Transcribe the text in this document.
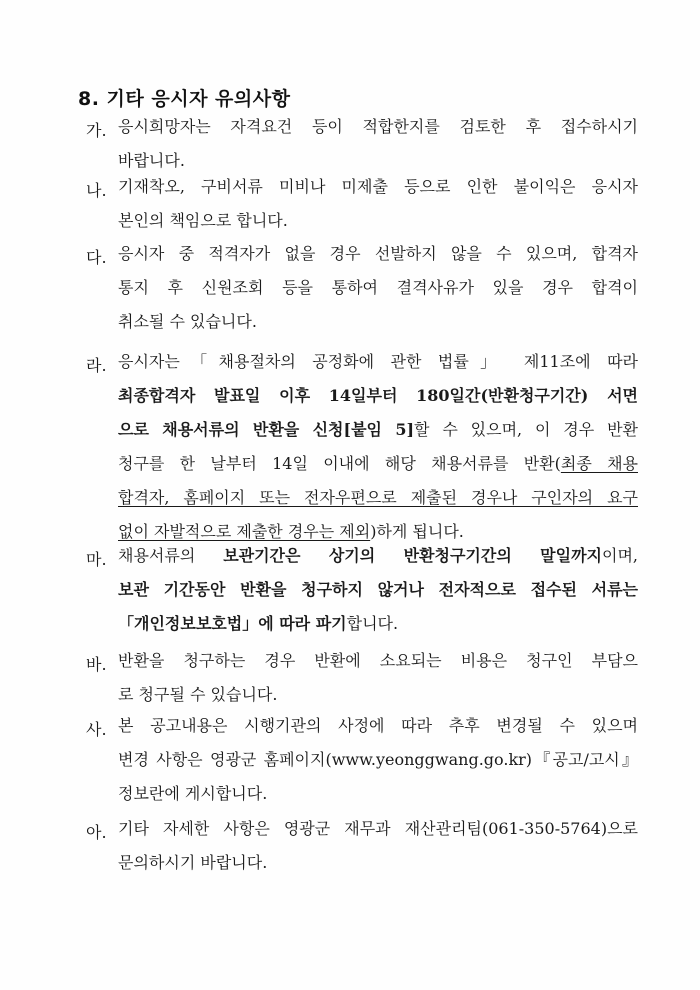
8. 기타 응시자 유의사항
가. 응시희망자는 자격요건 등이 적합한지를 검토한 후 접수하시기
바랍니다.
나. 기재착오, 구비서류 미비나 미제출 등으로 인한 불이익은 응시자
본인의 책임으로 합니다.
다. 응시자 중 적격자가 없을 경우 선발하지 않을 수 있으며, 합격자
통지 후 신원조회 등을 통하여 결격사유가 있을 경우 합격이
취소될 수 있습니다.
라. 응시자는「채용절차의 공정화에 관한 법률」 제11조에 따라
최종합격자 발표일 이후 14일부터 180일간(반환청구기간) 서면
으로 채용서류의 반환을 신청[붙임 5]할 수 있으며, 이 경우 반환
청구를 한 날부터 14일 이내에 해당 채용서류를 반환(최종 채용
합격자, 홈페이지 또는 전자우편으로 제출된 경우나 구인자의 요구
없이 자발적으로 제출한 경우는 제외)하게 됩니다.
마. 채용서류의 보관기간은 상기의 반환청구기간의 말일까지이며,
보관 기간동안 반환을 청구하지 않거나 전자적으로 접수된 서류는
「개인정보보호법」에 따라 파기합니다.
바. 반환을 청구하는 경우 반환에 소요되는 비용은 청구인 부담으
로 청구될 수 있습니다.
사. 본 공고내용은 시행기관의 사정에 따라 추후 변경될 수 있으며
변경 사항은 영광군 홈페이지(www.yeonggwang.go.kr)『공고/고시』
정보란에 게시합니다.
아. 기타 자세한 사항은 영광군 재무과 재산관리팀(061-350-5764)으로
문의하시기 바랍니다.
